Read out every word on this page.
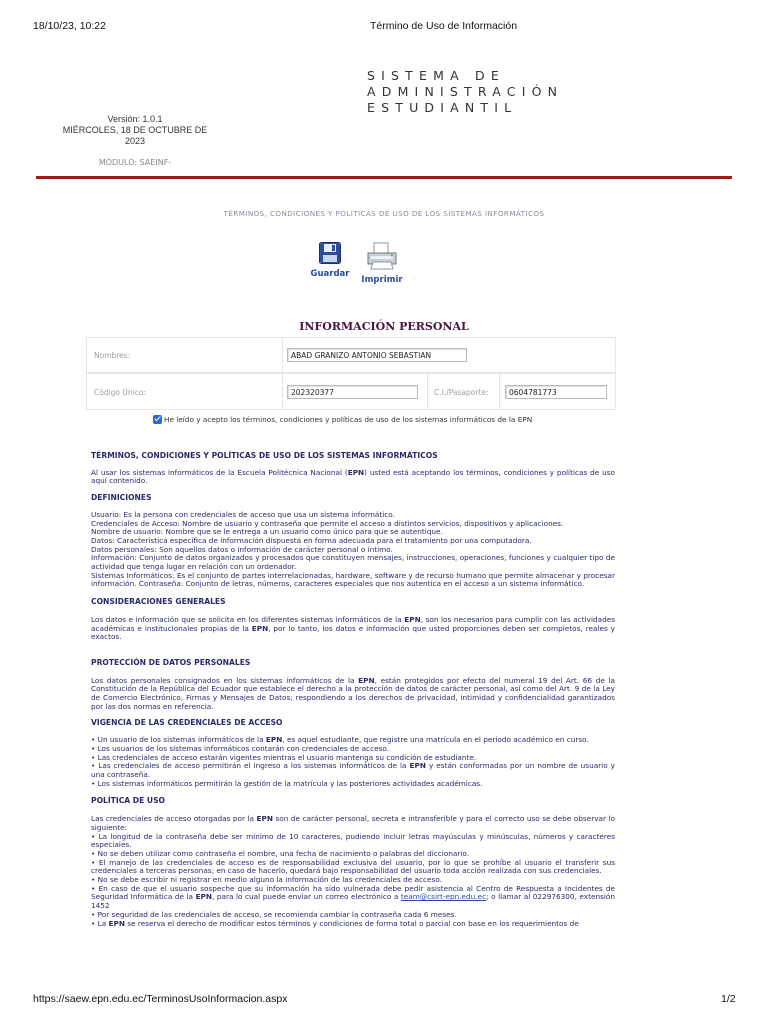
18/10/23, 10:22	Término de Uso de Información
SISTEMA DE
ADMINISTRACIÓN
ESTUDIANTIL
Versión: 1.0.1
MIÉRCOLES, 18 DE OCTUBRE DE
2023
MÓDULO: SAEINF-
TÉRMINOS, CONDICIONES Y POLÍTICAS DE USO DE LOS SISTEMAS INFORMÁTICOS
Guardar
Imprimir
INFORMACIÓN PERSONAL
Nombres:	ABAD GRANIZO ANTONIO SEBASTIAN
Código Único:	202320377	C.I./Pasaporte:	0604781773
He leído y acepto los términos, condiciones y políticas de uso de los sistemas informáticos de la EPN
TÉRMINOS, CONDICIONES Y POLÍTICAS DE USO DE LOS SISTEMAS INFORMÁTICOS

Al usar los sistemas informáticos de la Escuela Politécnica Nacional (EPN) usted está aceptando los términos, condiciones y políticas de uso aquí contenido.

DEFINICIONES

Usuario: Es la persona con credenciales de acceso que usa un sistema informático.

Credenciales de Acceso: Nombre de usuario y contraseña que permite el acceso a distintos servicios, dispositivos y aplicaciones.

Nombre de usuario: Nombre que se le entrega a un usuario como único para que se autentique.

Datos: Característica específica de información dispuesta en forma adecuada para el tratamiento por una computadora.

Datos personales: Son aquellos datos o información de carácter personal o íntimo.

Información: Conjunto de datos organizados y procesados que constituyen mensajes, instrucciones, operaciones, funciones y cualquier tipo de actividad que tenga lugar en relación con un ordenador.

Sistemas Informáticos: Es el conjunto de partes interrelacionadas, hardware, software y de recurso humano que permite almacenar y procesar información. Contraseña: Conjunto de letras, números, caracteres especiales que nos autentica en el acceso a un sistema informático.

CONSIDERACIONES GENERALES

Los datos e información que se solicita en los diferentes sistemas informáticos de la EPN, son los necesarios para cumplir con las actividades académicas e institucionales propias de la EPN, por lo tanto, los datos e información que usted proporciones deben ser completos, reales y exactos.

PROTECCIÓN DE DATOS PERSONALES

Los datos personales consignados en los sistemas informáticos de la EPN, están protegidos por efecto del numeral 19 del Art. 66 de la Constitución de la República del Ecuador que establece el derecho a la protección de datos de carácter personal, así como del Art. 9 de la Ley de Comercio Electrónico, Firmas y Mensajes de Datos; respondiendo a los derechos de privacidad, intimidad y confidencialidad garantizados por las dos normas en referencia.

VIGENCIA DE LAS CREDENCIALES DE ACCESO

• Un usuario de los sistemas informáticos de la EPN, es aquel estudiante, que registre una matrícula en el periodo académico en curso.

• Los usuarios de los sistemas informáticos contarán con credenciales de acceso.

• Las credenciales de acceso estarán vigentes mientras el usuario mantenga su condición de estudiante.

• Las credenciales de acceso permitirán el ingreso a los sistemas informáticos de la EPN y están conformadas por un nombre de usuario y una contraseña.

• Los sistemas informáticos permitirán la gestión de la matrícula y las posteriores actividades académicas.

POLÍTICA DE USO

Las credenciales de acceso otorgadas por la EPN son de carácter personal, secreta e intransferible y para el correcto uso se debe observar lo siguiente:

• La longitud de la contraseña debe ser mínimo de 10 caracteres, pudiendo incluir letras mayúsculas y minúsculas, números y caracteres especiales.

• No se deben utilizar como contraseña el nombre, una fecha de nacimiento o palabras del diccionario.

• El manejo de las credenciales de acceso es de responsabilidad exclusiva del usuario, por lo que se prohíbe al usuario el transferir sus credenciales a terceras personas; en caso de hacerlo, quedará bajo responsabilidad del usuario toda acción realizada con sus credenciales.

• No se debe escribir ni registrar en medio alguno la información de las credenciales de acceso.

• En caso de que el usuario sospeche que su información ha sido vulnerada debe pedir asistencia al Centro de Respuesta a Incidentes de Seguridad Informática de la EPN, para lo cual puede enviar un correo electrónico a team@csirt-epn.edu.ec; o llamar al 022976300, extensión 1452

• Por seguridad de las credenciales de acceso, se recomienda cambiar la contraseña cada 6 meses.

• La EPN se reserva el derecho de modificar estos términos y condiciones de forma total o parcial con base en los requerimientos de

https://saew.epn.edu.ec/TerminosUsoInformacion.aspx	1/2
